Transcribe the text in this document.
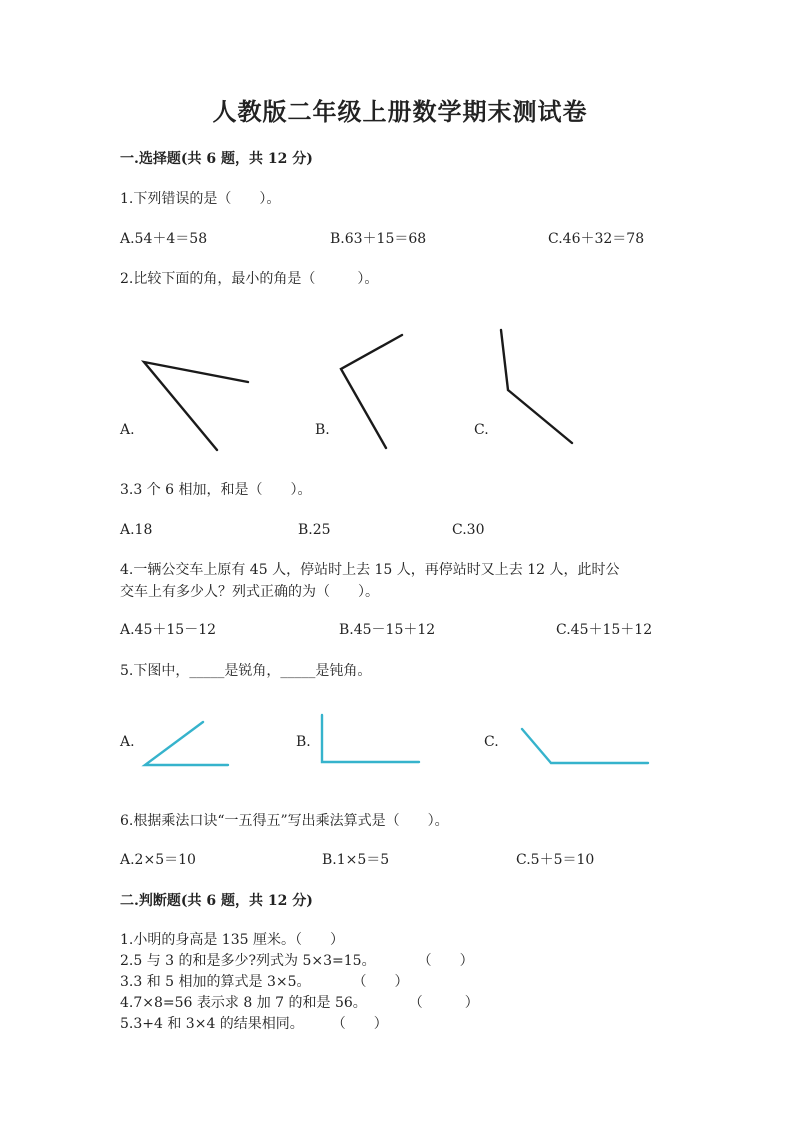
人教版二年级上册数学期末测试卷
一.选择题(共 6 题，共 12 分)
1.下列错误的是（　　）。
A.54＋4＝58	B.63＋15＝68	C.46＋32＝78
2.比较下面的角，最小的角是（　　　）。
A.	B.	C.
3.3 个 6 相加，和是（　　）。
A.18	B.25	C.30
4.一辆公交车上原有 45 人，停站时上去 15 人，再停站时又上去 12 人，此时公
交车上有多少人？列式正确的为（　　）。
A.45＋15－12	B.45－15＋12	C.45＋15＋12
5.下图中，_____是锐角，_____是钝角。
A.	B.	C.
6.根据乘法口诀“一五得五”写出乘法算式是（　　）。
A.2×5＝10	B.1×5＝5	C.5＋5＝10
二.判断题(共 6 题，共 12 分)
1.小明的身高是 135 厘米。（　　）
2.5 与 3 的和是多少?列式为 5×3=15。　　　　（　　）
3.3 和 5 相加的算式是 3×5。　　　　（　　）
4.7×8=56 表示求 8 加 7 的和是 56。　　　　（　　　）
5.3+4 和 3×4 的结果相同。　　　（　　）
